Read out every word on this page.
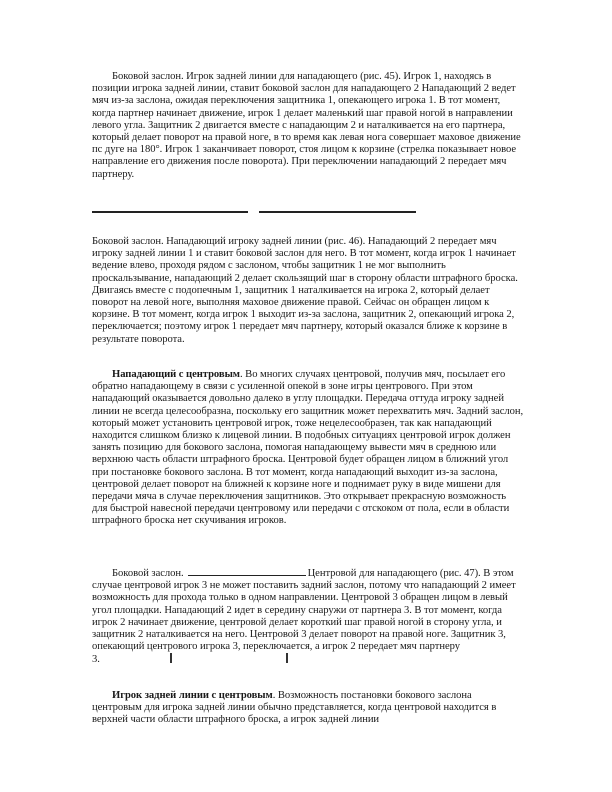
Боковой заслон. Игрок задней линии для нападающего (рис. 45). Игрок 1, находясь в позиции игрока задней линии, ставит боковой заслон для нападающего 2 Нападающий 2 ведет мяч из-за заслона, ожидая переключения защитника 1, опекающего игрока 1. В тот момент, когда партнер начинает движение, игрок 1 делает маленький шаг правой ногой в направлении левого угла. Защитник 2 двигается вместе с нападающим 2 и наталкивается на его партнера, который делает поворот на правой ноге, в то время как левая нога совершает маховое движение пс дуге на 180°. Игрок 1 заканчивает поворот, стоя лицом к корзине (стрелка показывает новое направление его движения после поворота). При переключении нападающий 2 передает мяч партнеру.

Боковой заслон. Нападающий игроку задней линии (рис. 46). Нападающий 2 передает мяч игроку задней линии 1 и ставит боковой заслон для него. В тот момент, когда игрок 1 начинает ведение влево, проходя рядом с заслоном, чтобы защитник 1 не мог выполнить проскальзывание, нападающий 2 делает скользящий шаг в сторону области штрафного броска. Двигаясь вместе с подопечным 1, защитник 1 наталкивается на игрока 2, который делает поворот на левой ноге, выполняя маховое движение правой. Сейчас он обращен лицом к корзине. В тот момент, когда игрок 1 выходит из-за заслона, защитник 2, опекающий игрока 2, переключается; поэтому игрок 1 передает мяч партнеру, который оказался ближе к корзине в результате поворота.

Нападающий с центровым. Во многих случаях центровой, получив мяч, посылает его обратно нападающему в связи с усиленной опекой в зоне игры центрового. При этом нападающий оказывается довольно далеко в углу площадки. Передача оттуда игроку задней линии не всегда целесообразна, поскольку его защитник может перехватить мяч. Задний заслон, который может установить центровой игрок, тоже нецелесообразен, так как нападающий находится слишком близко к лицевой линии. В подобных ситуациях центровой игрок должен занять позицию для бокового заслона, помогая нападающему вывести мяч в среднюю или верхнюю часть области штрафного броска. Центровой будет обращен лицом в ближний угол при постановке бокового заслона. В тот момент, когда нападающий выходит из-за заслона, центровой делает поворот на ближней к корзине ноге и поднимает руку в виде мишени для передачи мяча в случае переключения защитников. Это открывает прекрасную возможность для быстрой навесной передачи центровому или передачи с отскоком от пола, если в области штрафного броска нет скучивания игроков.

Боковой заслон.	Центровой для нападающего (рис. 47). В этом случае центровой игрок 3 не может поставить задний заслон, потому что нападающий 2 имеет возможность для прохода только в одном направлении. Центровой 3 обращен лицом в левый угол площадки. Нападающий 2 идет в середину снаружи от партнера 3. В тот момент, когда игрок 2 начинает движение, центровой делает короткий шаг правой ногой в сторону угла, и защитник 2 наталкивается на него. Центровой 3 делает поворот на правой ноге. Защитник 3, опекающий центрового игрока 3, переключается, а игрок 2 передает мяч партнеру
3.

Игрок задней линии с центровым. Возможность постановки бокового заслона центровым для игрока задней линии обычно представляется, когда центровой находится в верхней части области штрафного броска, а игрок задней линии
